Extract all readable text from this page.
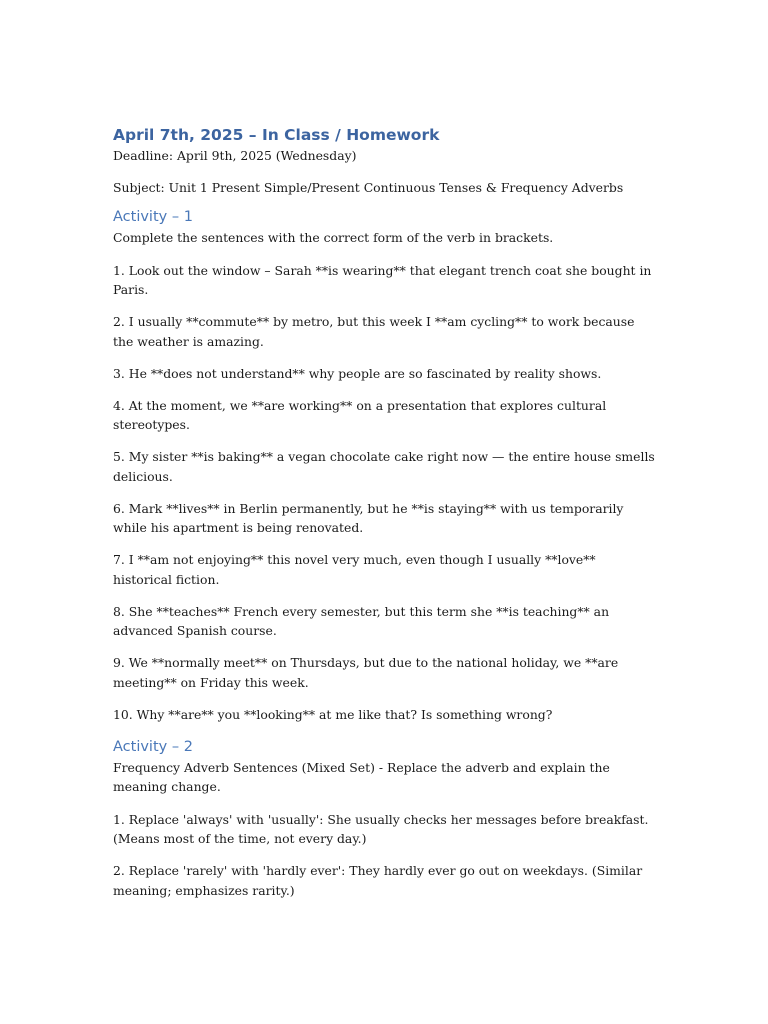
April 7th, 2025 – In Class / Homework

Deadline: April 9th, 2025 (Wednesday)

Subject: Unit 1 Present Simple/Present Continuous Tenses & Frequency Adverbs

Activity – 1

Complete the sentences with the correct form of the verb in brackets.

1. Look out the window – Sarah **is wearing** that elegant trench coat she bought in Paris.

2. I usually **commute** by metro, but this week I **am cycling** to work because the weather is amazing.

3. He **does not understand** why people are so fascinated by reality shows.

4. At the moment, we **are working** on a presentation that explores cultural stereotypes.

5. My sister **is baking** a vegan chocolate cake right now — the entire house smells delicious.

6. Mark **lives** in Berlin permanently, but he **is staying** with us temporarily while his apartment is being renovated.

7. I **am not enjoying** this novel very much, even though I usually **love** historical fiction.

8. She **teaches** French every semester, but this term she **is teaching** an advanced Spanish course.

9. We **normally meet** on Thursdays, but due to the national holiday, we **are meeting** on Friday this week.

10. Why **are** you **looking** at me like that? Is something wrong?

Activity – 2

Frequency Adverb Sentences (Mixed Set) - Replace the adverb and explain the meaning change.

1. Replace 'always' with 'usually': She usually checks her messages before breakfast. (Means most of the time, not every day.)

2. Replace 'rarely' with 'hardly ever': They hardly ever go out on weekdays. (Similar meaning; emphasizes rarity.)
